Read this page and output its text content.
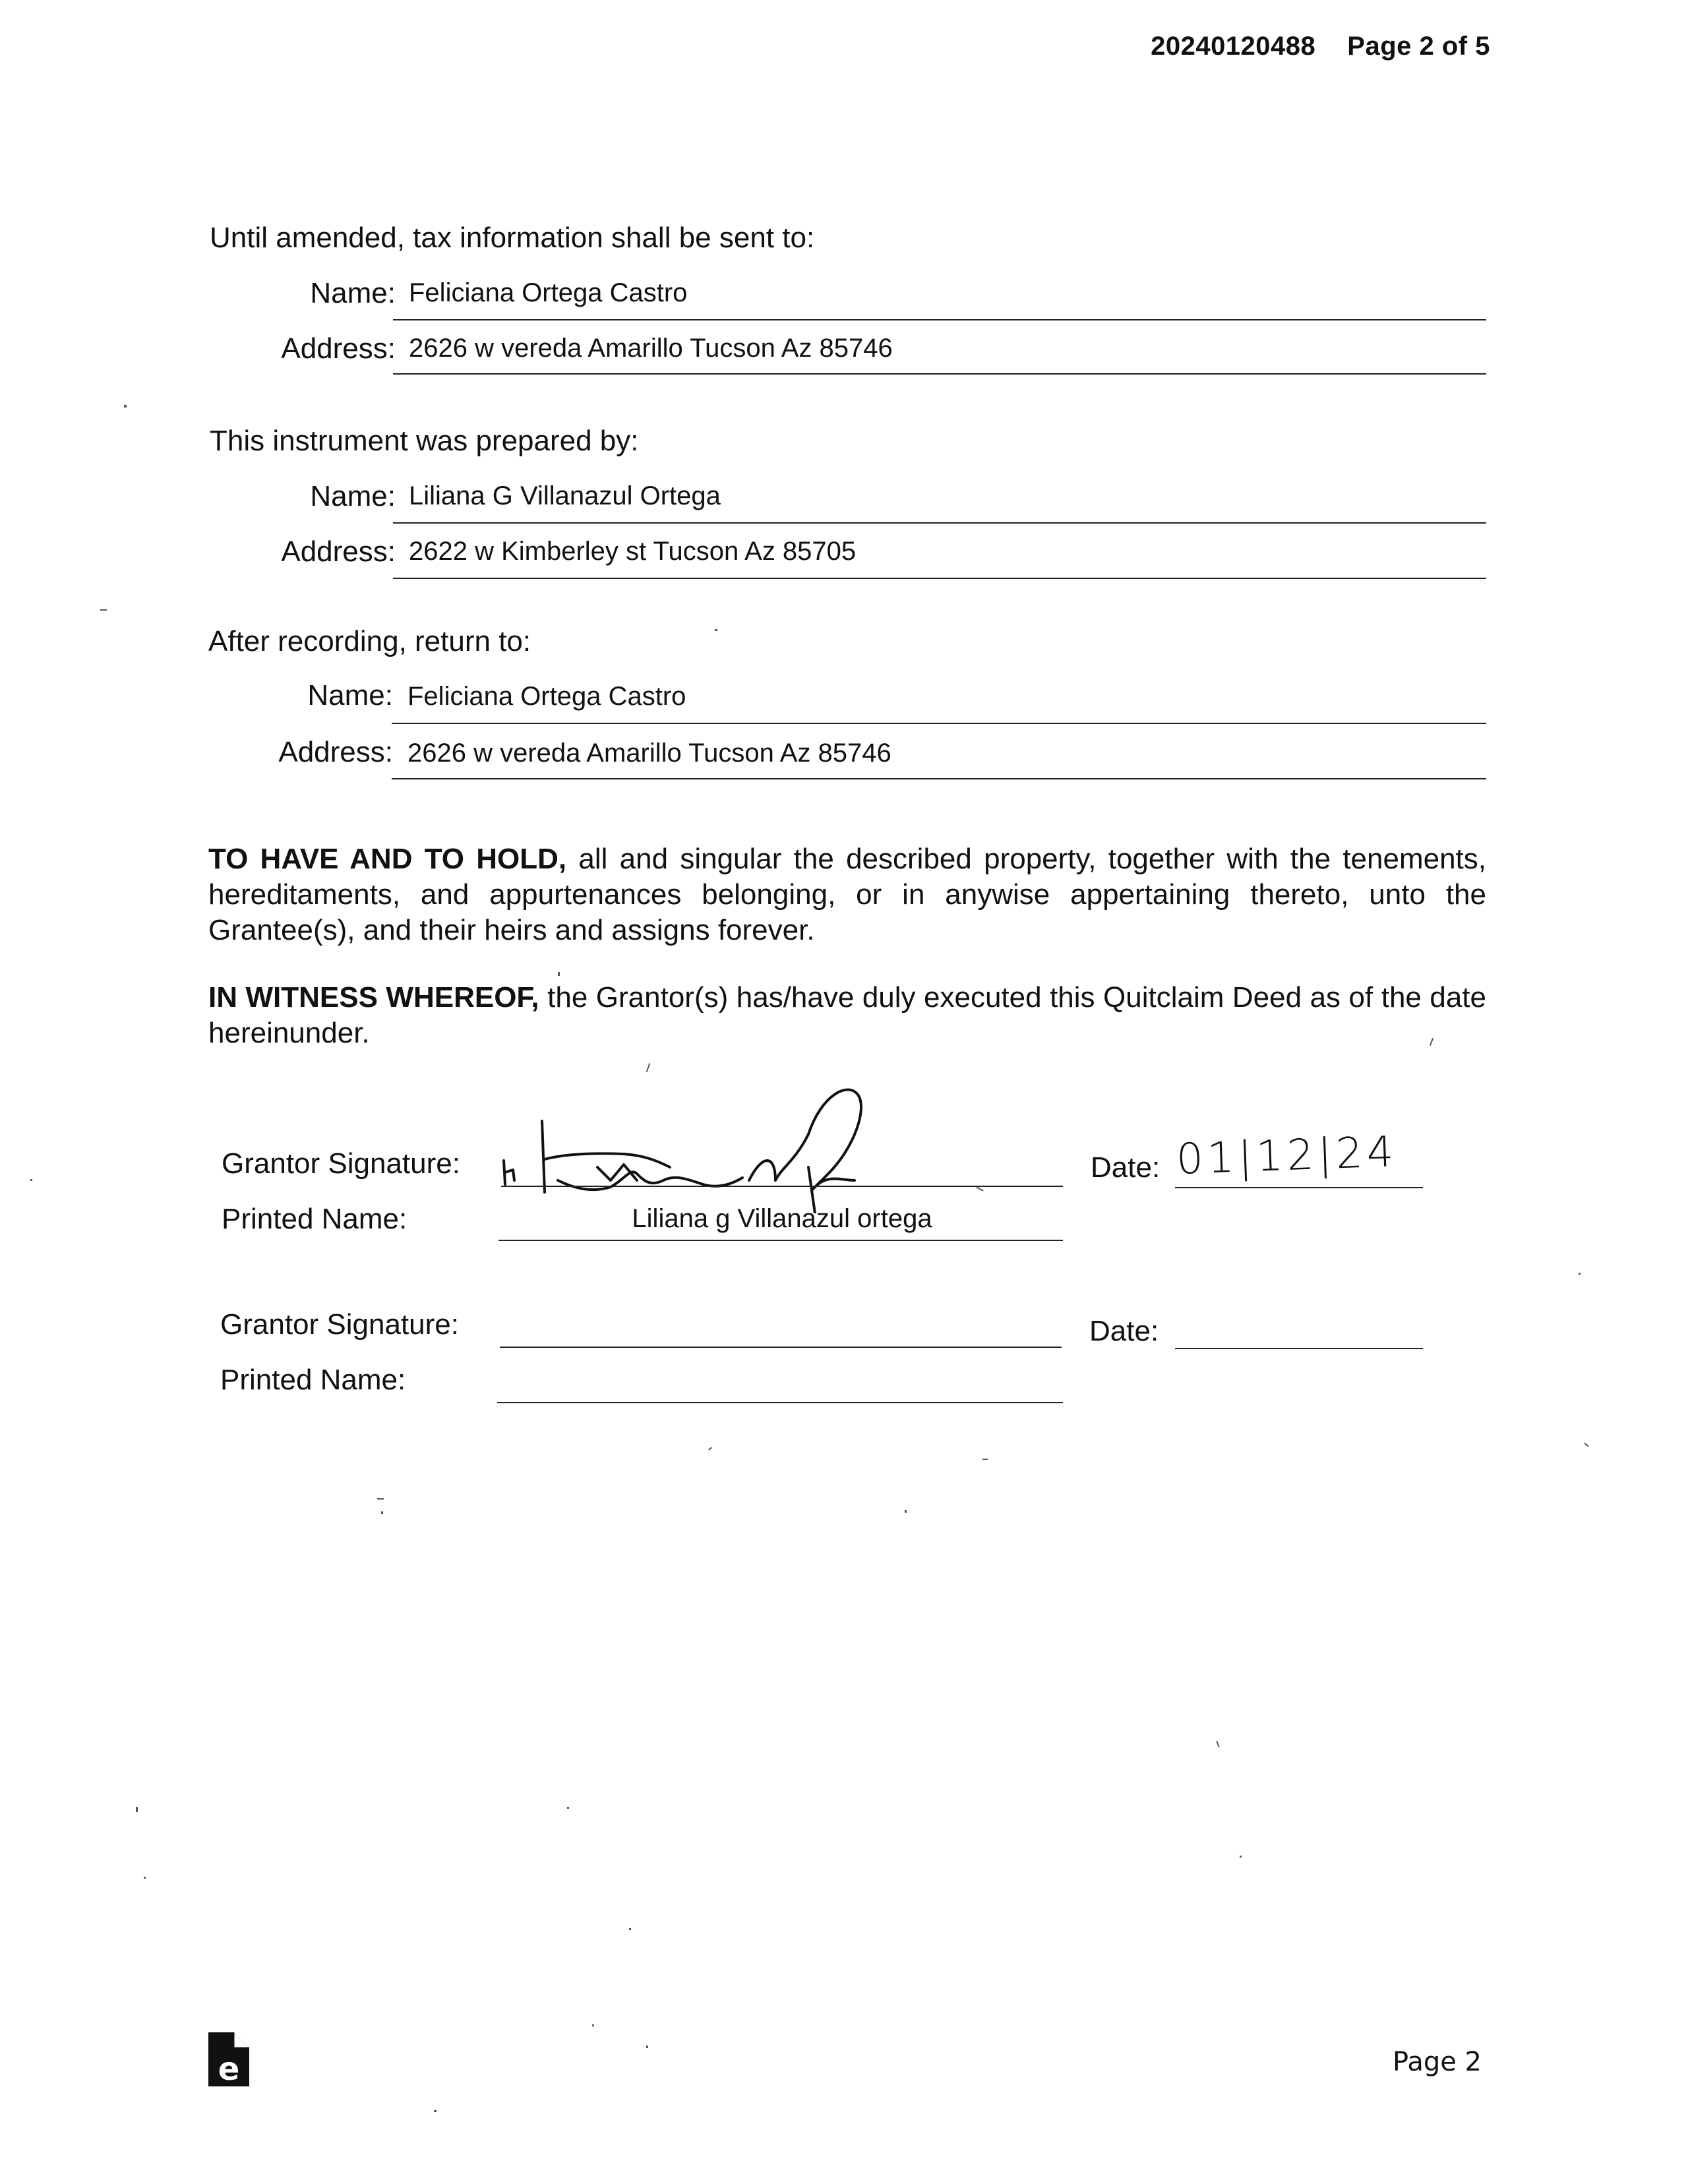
20240120488 Page 2 of 5
Until amended, tax information shall be sent to:
Name: Feliciana Ortega Castro
Address: 2626 w vereda Amarillo Tucson Az 85746
This instrument was prepared by:
Name: Liliana G Villanazul Ortega
Address: 2622 w Kimberley st Tucson Az 85705
After recording, return to:
Name: Feliciana Ortega Castro
Address: 2626 w vereda Amarillo Tucson Az 85746
TO HAVE AND TO HOLD, all and singular the described property, together with the tenements, hereditaments, and appurtenances belonging, or in anywise appertaining thereto, unto the Grantee(s), and their heirs and assigns forever.
IN WITNESS WHEREOF, the Grantor(s) has/have duly executed this Quitclaim Deed as of the date hereinunder.
Grantor Signature:
Printed Name:	Liliana g Villanazul ortega
Date: 01|12|24
Grantor Signature:
Printed Name:
Date:
e	Page 2
